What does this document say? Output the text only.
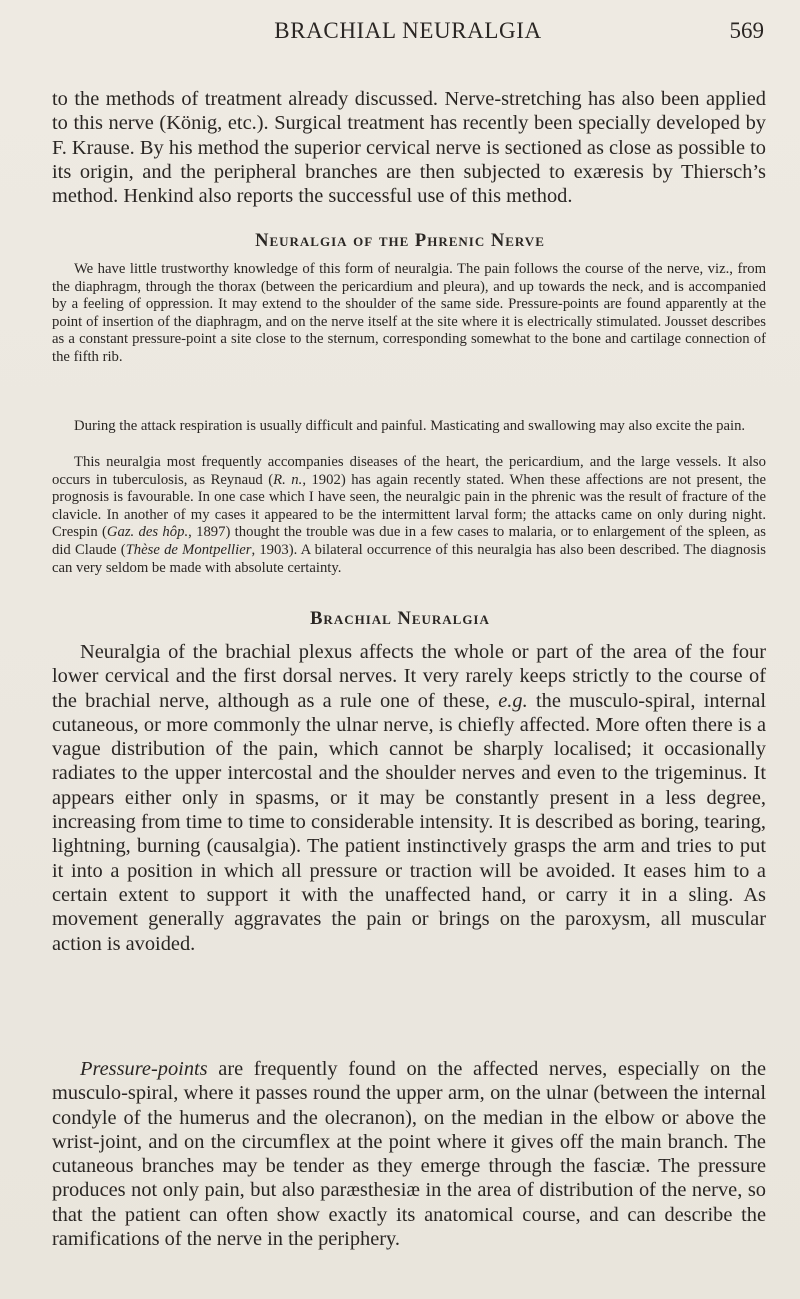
BRACHIAL NEURALGIA	569

to the methods of treatment already discussed. Nerve-stretching has also been applied to this nerve (König, etc.). Surgical treatment has recently been specially developed by F. Krause. By his method the superior cervical nerve is sectioned as close as possible to its origin, and the peripheral branches are then subjected to exæresis by Thiersch’s method. Henkind also reports the successful use of this method.

Neuralgia of the Phrenic Nerve

We have little trustworthy knowledge of this form of neuralgia. The pain follows the course of the nerve, viz., from the diaphragm, through the thorax (between the pericardium and pleura), and up towards the neck, and is accompanied by a feeling of oppression. It may extend to the shoulder of the same side. Pressure-points are found apparently at the point of insertion of the diaphragm, and on the nerve itself at the site where it is electrically stimulated. Jousset describes as a constant pressure-point a site close to the sternum, corresponding somewhat to the bone and cartilage connection of the fifth rib.

During the attack respiration is usually difficult and painful. Masticating and swallowing may also excite the pain.

This neuralgia most frequently accompanies diseases of the heart, the pericardium, and the large vessels. It also occurs in tuberculosis, as Reynaud (R. n., 1902) has again recently stated. When these affections are not present, the prognosis is favourable. In one case which I have seen, the neuralgic pain in the phrenic was the result of fracture of the clavicle. In another of my cases it appeared to be the intermittent larval form; the attacks came on only during night. Crespin (Gaz. des hôp., 1897) thought the trouble was due in a few cases to malaria, or to enlargement of the spleen, as did Claude (Thèse de Montpellier, 1903). A bilateral occurrence of this neuralgia has also been described. The diagnosis can very seldom be made with absolute certainty.

Brachial Neuralgia

Neuralgia of the brachial plexus affects the whole or part of the area of the four lower cervical and the first dorsal nerves. It very rarely keeps strictly to the course of the brachial nerve, although as a rule one of these, e.g. the musculo-spiral, internal cutaneous, or more commonly the ulnar nerve, is chiefly affected. More often there is a vague distribution of the pain, which cannot be sharply localised; it occasionally radiates to the upper intercostal and the shoulder nerves and even to the trigeminus. It appears either only in spasms, or it may be constantly present in a less degree, increasing from time to time to considerable intensity. It is described as boring, tearing, lightning, burning (causalgia). The patient instinctively grasps the arm and tries to put it into a position in which all pressure or traction will be avoided. It eases him to a certain extent to support it with the unaffected hand, or carry it in a sling. As movement generally aggravates the pain or brings on the paroxysm, all muscular action is avoided.

Pressure-points are frequently found on the affected nerves, especially on the musculo-spiral, where it passes round the upper arm, on the ulnar (between the internal condyle of the humerus and the olecranon), on the median in the elbow or above the wrist-joint, and on the circumflex at the point where it gives off the main branch. The cutaneous branches may be tender as they emerge through the fasciæ. The pressure produces not only pain, but also paræsthesiæ in the area of distribution of the nerve, so that the patient can often show exactly its anatomical course, and can describe the ramifications of the nerve in the periphery.
